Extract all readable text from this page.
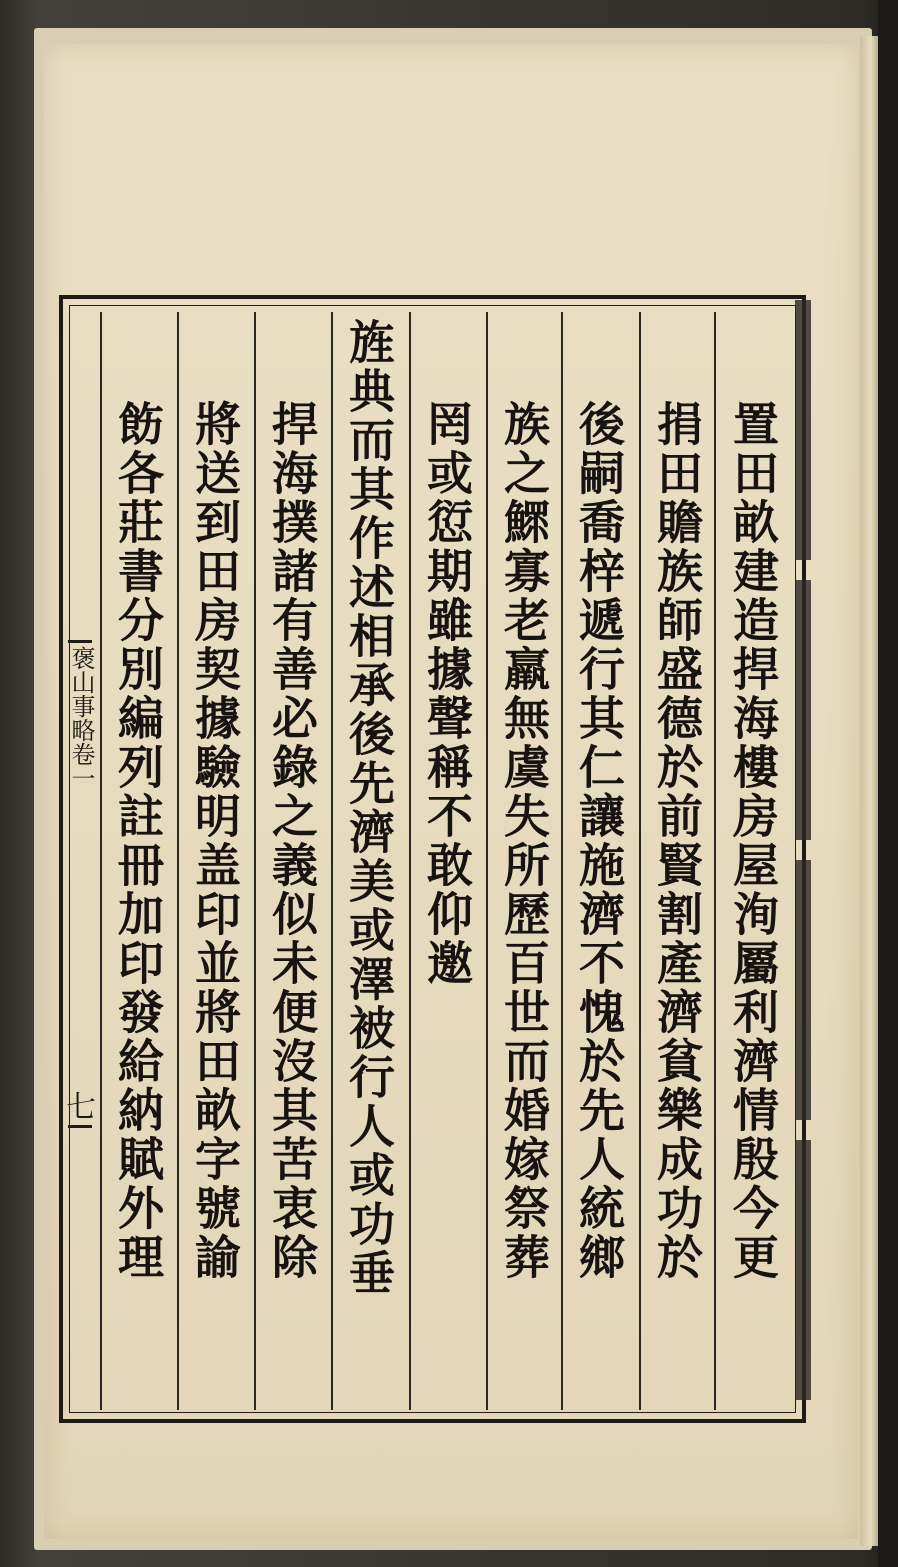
置田畝建造捍海樓房屋洵屬利濟情殷今更
捐田贍族師盛德於前賢割產濟貧樂成功於
後嗣喬梓遞行其仁讓施濟不愧於先人統鄉
族之鰥寡老羸無虞失所歷百世而婚嫁祭葬
罔或愆期雖據聲稱不敢仰邀
旌典而其作述相承後先濟美或澤被行人或功垂
捍海撲諸有善必錄之義似未便沒其苦衷除
將送到田房契據驗明盖印並將田畝字號諭
飭各莊書分別編列註冊加印發給納賦外理
褒山事略卷一
七
